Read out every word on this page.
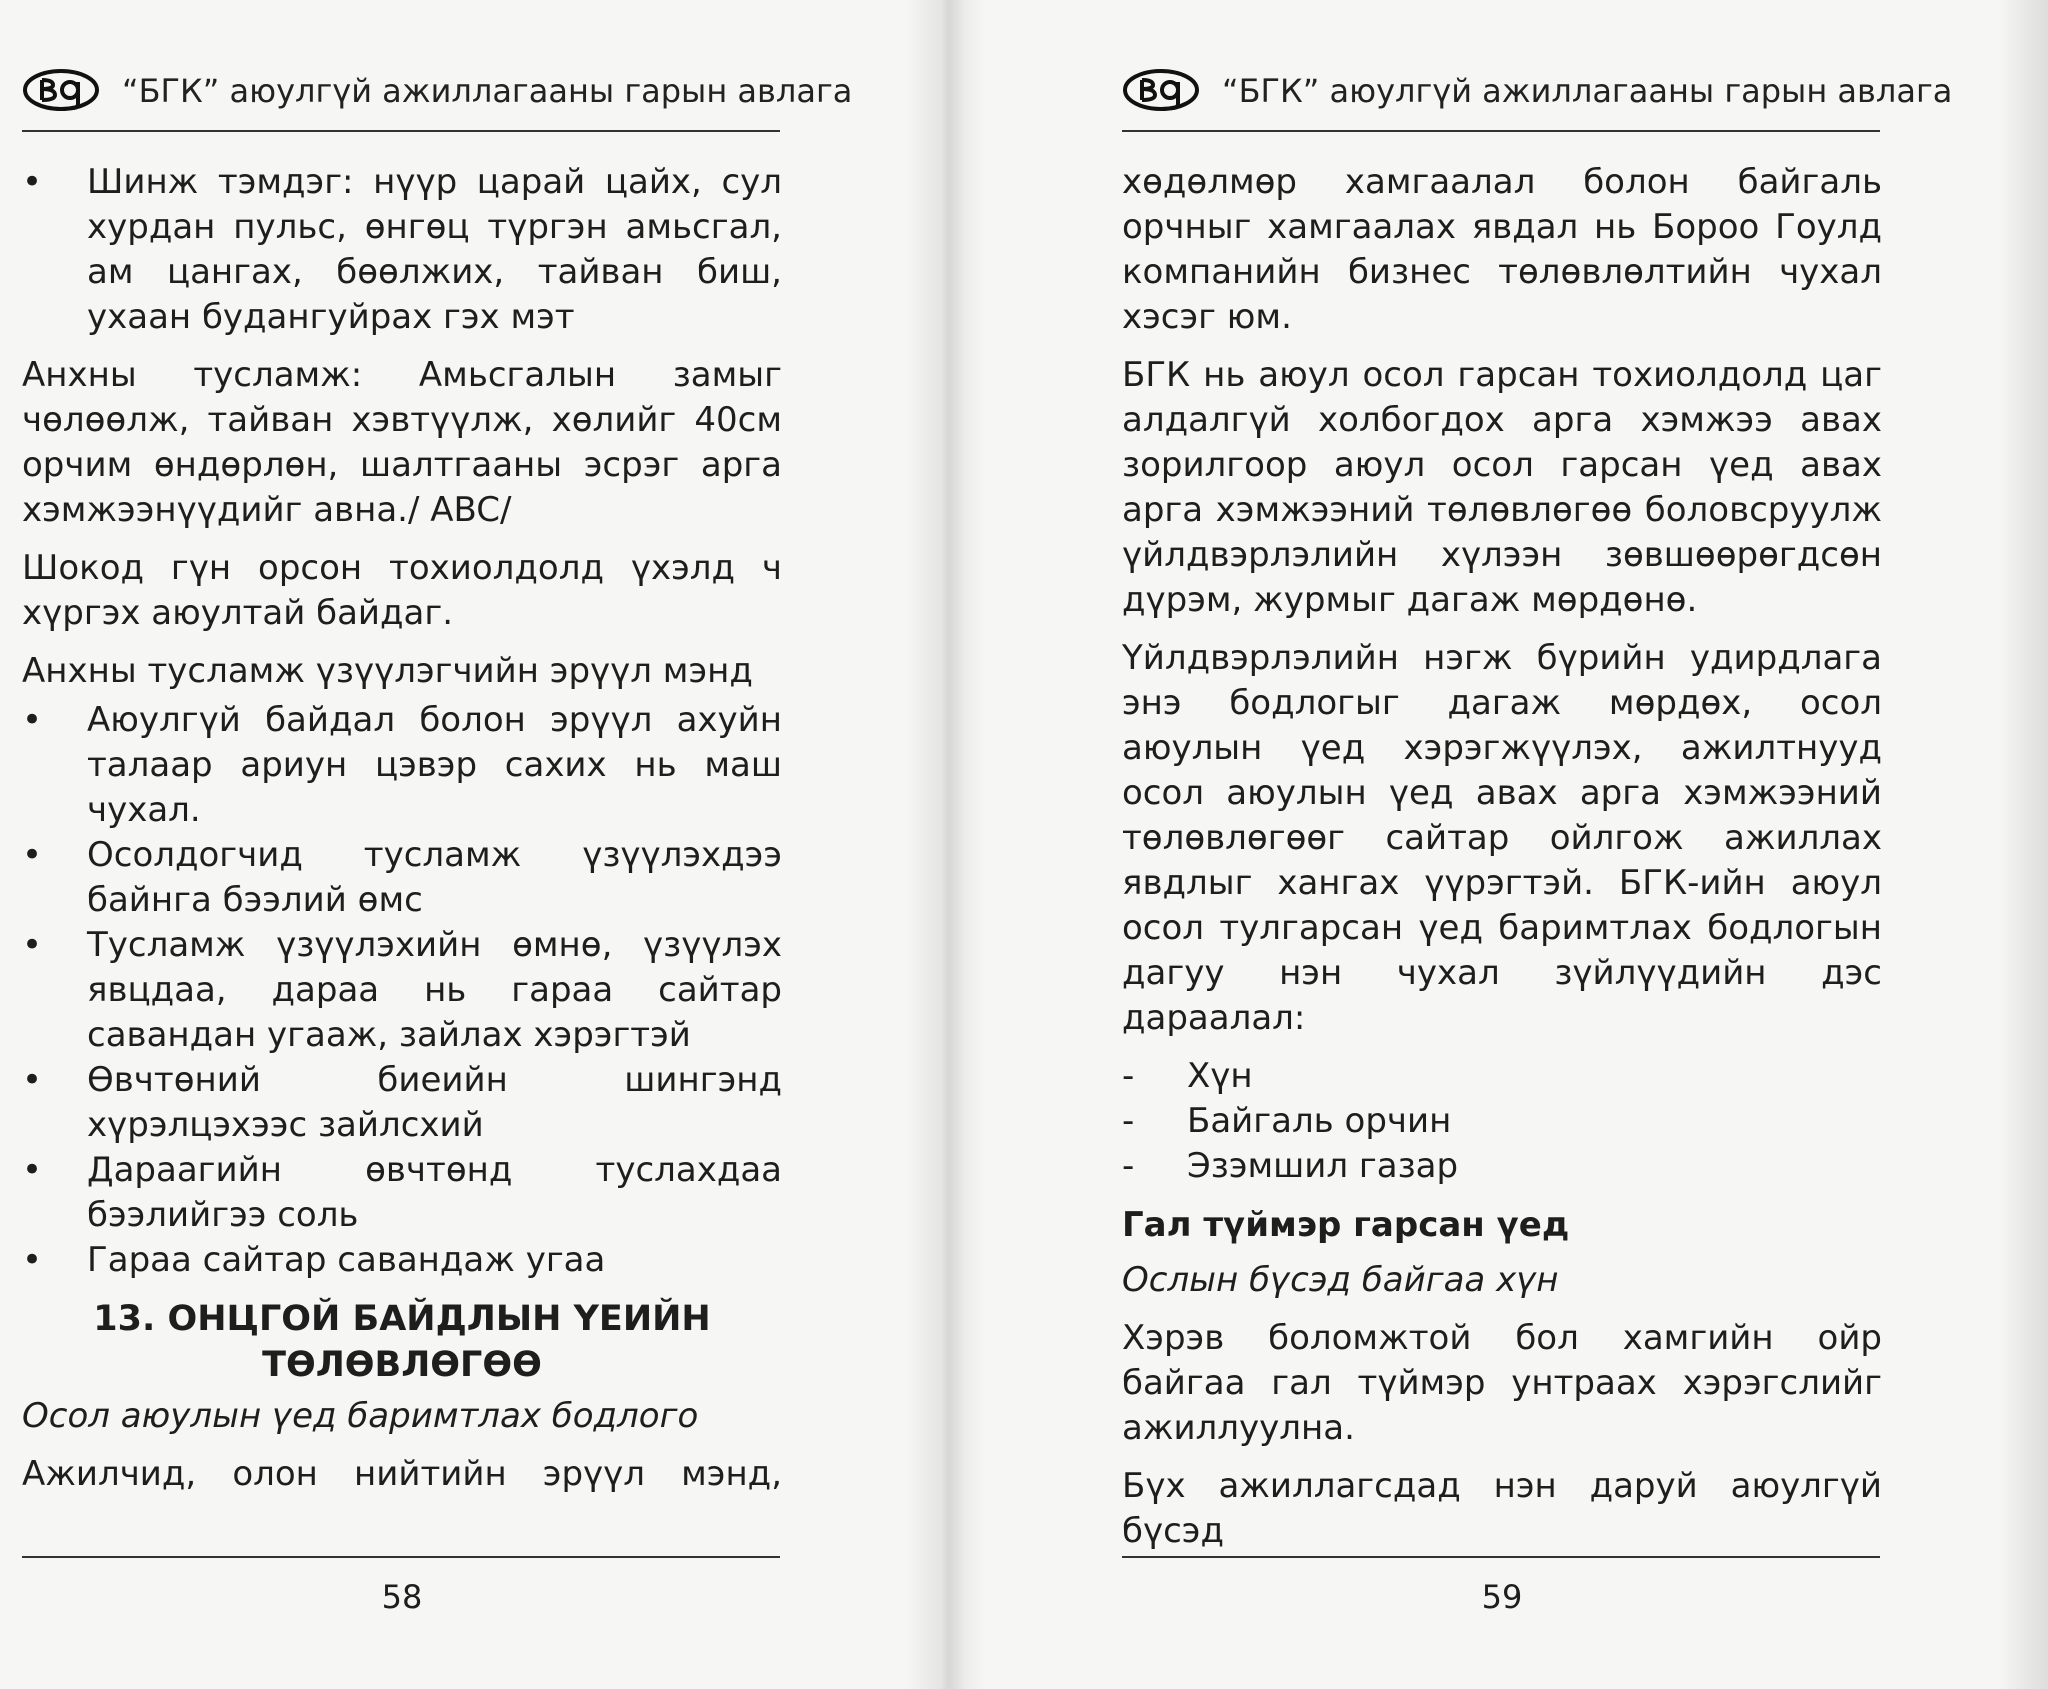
“БГК” аюулгүй ажиллагааны гарын авлага
• Шинж тэмдэг: нүүр царай цайх, сул хурдан пульс, өнгөц түргэн амьсгал, ам цангах, бөөлжих, тайван биш, ухаан будангуйрах гэх мэт

Анхны тусламж: Амьсгалын замыг чөлөөлж, тайван хэвтүүлж, хөлийг 40см орчим өндөрлөн, шалтгааны эсрэг арга хэмжээнүүдийг авна./ ABC/

Шокод гүн орсон тохиолдолд үхэлд ч хүргэх аюултай байдаг.

Анхны тусламж үзүүлэгчийн эрүүл мэнд

• Аюулгүй байдал болон эрүүл ахуйн талаар ариун цэвэр сахих нь маш чухал.
• Осолдогчид тусламж үзүүлэхдээ байнга бээлий өмс
• Тусламж үзүүлэхийн өмнө, үзүүлэх явцдаа, дараа нь гараа сайтар савандан угааж, зайлах хэрэгтэй
• Өвчтөний биеийн шингэнд хүрэлцэхээс зайлсхий
• Дараагийн өвчтөнд туслахдаа бээлийгээ соль
• Гараа сайтар савандаж угаа
13. ОНЦГОЙ БАЙДЛЫН ҮЕИЙН
ТӨЛӨВЛӨГӨӨ

Осол аюулын үед баримтлах бодлого

Ажилчид, олон нийтийн эрүүл мэнд,

58
“БГК” аюулгүй ажиллагааны гарын авлага

хөдөлмөр хамгаалал болон байгаль орчныг хамгаалах явдал нь Бороо Гоулд компанийн бизнес төлөвлөлтийн чухал хэсэг юм.

БГК нь аюул осол гарсан тохиолдолд цаг алдалгүй холбогдох арга хэмжээ авах зорилгоор аюул осол гарсан үед авах арга хэмжээний төлөвлөгөө боловсруулж үйлдвэрлэлийн хүлээн зөвшөөрөгдсөн дүрэм, журмыг дагаж мөрдөнө.

Үйлдвэрлэлийн нэгж бүрийн удирдлага энэ бодлогыг дагаж мөрдөх, осол аюулын үед хэрэгжүүлэх, ажилтнууд осол аюулын үед авах арга хэмжээний төлөвлөгөөг сайтар ойлгож ажиллах явдлыг хангах үүрэгтэй. БГК-ийн аюул осол тулгарсан үед баримтлах бодлогын дагуу нэн чухал зүйлүүдийн дэс дараалал:

- Хүн
- Байгаль орчин
- Эзэмшил газар
Гал түймэр гарсан үед

Ослын бүсэд байгаа хүн

Хэрэв боломжтой бол хамгийн ойр байгаа гал түймэр унтраах хэрэгслийг ажиллуулна.

Бүх ажиллагсдад нэн даруй аюулгүй бүсэд

59
